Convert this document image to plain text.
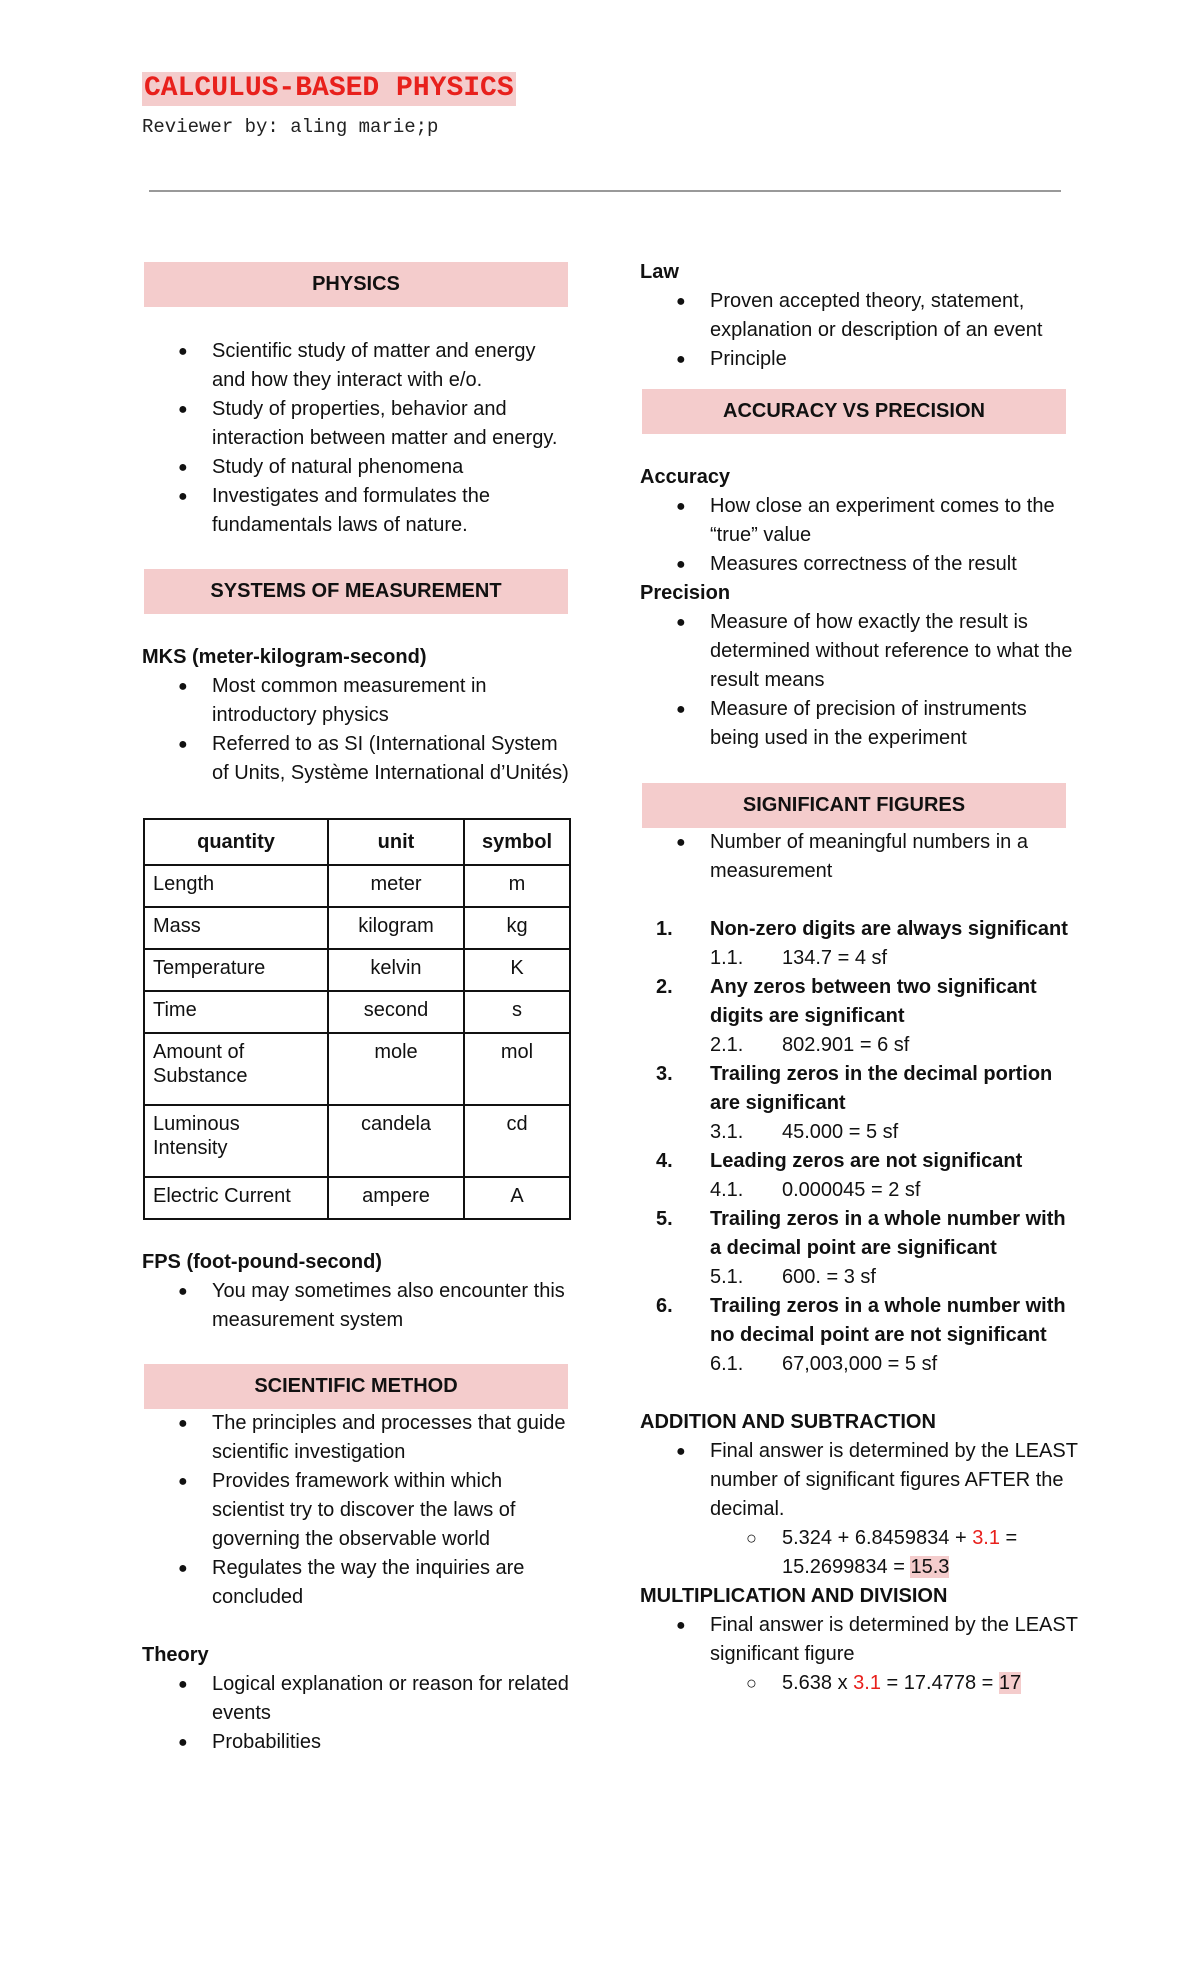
CALCULUS-BASED PHYSICS
Reviewer by: aling marie;p
PHYSICS
● Scientific study of matter and energy and how they interact with e/o.
● Study of properties, behavior and interaction between matter and energy.
● Study of natural phenomena
● Investigates and formulates the fundamentals laws of nature.
SYSTEMS OF MEASUREMENT
MKS (meter-kilogram-second)
● Most common measurement in introductory physics
● Referred to as SI (International System of Units, Système International d’Unités)
quantity	unit	symbol
Length	meter	m
Mass	kilogram	kg
Temperature	kelvin	K
Time	second	s
Amount of Substance	mole	mol
Luminous Intensity	candela	cd
Electric Current	ampere	A
FPS (foot-pound-second)
● You may sometimes also encounter this measurement system
SCIENTIFIC METHOD
● The principles and processes that guide scientific investigation
● Provides framework within which scientist try to discover the laws of governing the observable world
● Regulates the way the inquiries are concluded
Theory
● Logical explanation or reason for related events
● Probabilities
Law
● Proven accepted theory, statement, explanation or description of an event
● Principle
ACCURACY VS PRECISION
Accuracy
● How close an experiment comes to the “true” value
● Measures correctness of the result
Precision
● Measure of how exactly the result is determined without reference to what the result means
● Measure of precision of instruments being used in the experiment
SIGNIFICANT FIGURES
● Number of meaningful numbers in a measurement
1. Non-zero digits are always significant
1.1.	134.7 = 4 sf
2. Any zeros between two significant digits are significant
2.1.	802.901 = 6 sf
3. Trailing zeros in the decimal portion are significant
3.1.	45.000 = 5 sf
4. Leading zeros are not significant
4.1.	0.000045 = 2 sf
5. Trailing zeros in a whole number with a decimal point are significant
5.1.	600. = 3 sf
6. Trailing zeros in a whole number with no decimal point are not significant
6.1.	67,003,000 = 5 sf
ADDITION AND SUBTRACTION
● Final answer is determined by the LEAST number of significant figures AFTER the decimal.
○ 5.324 + 6.8459834 + 3.1 = 15.2699834 = 15.3
MULTIPLICATION AND DIVISION
● Final answer is determined by the LEAST significant figure
○ 5.638 x 3.1 = 17.4778 = 17
